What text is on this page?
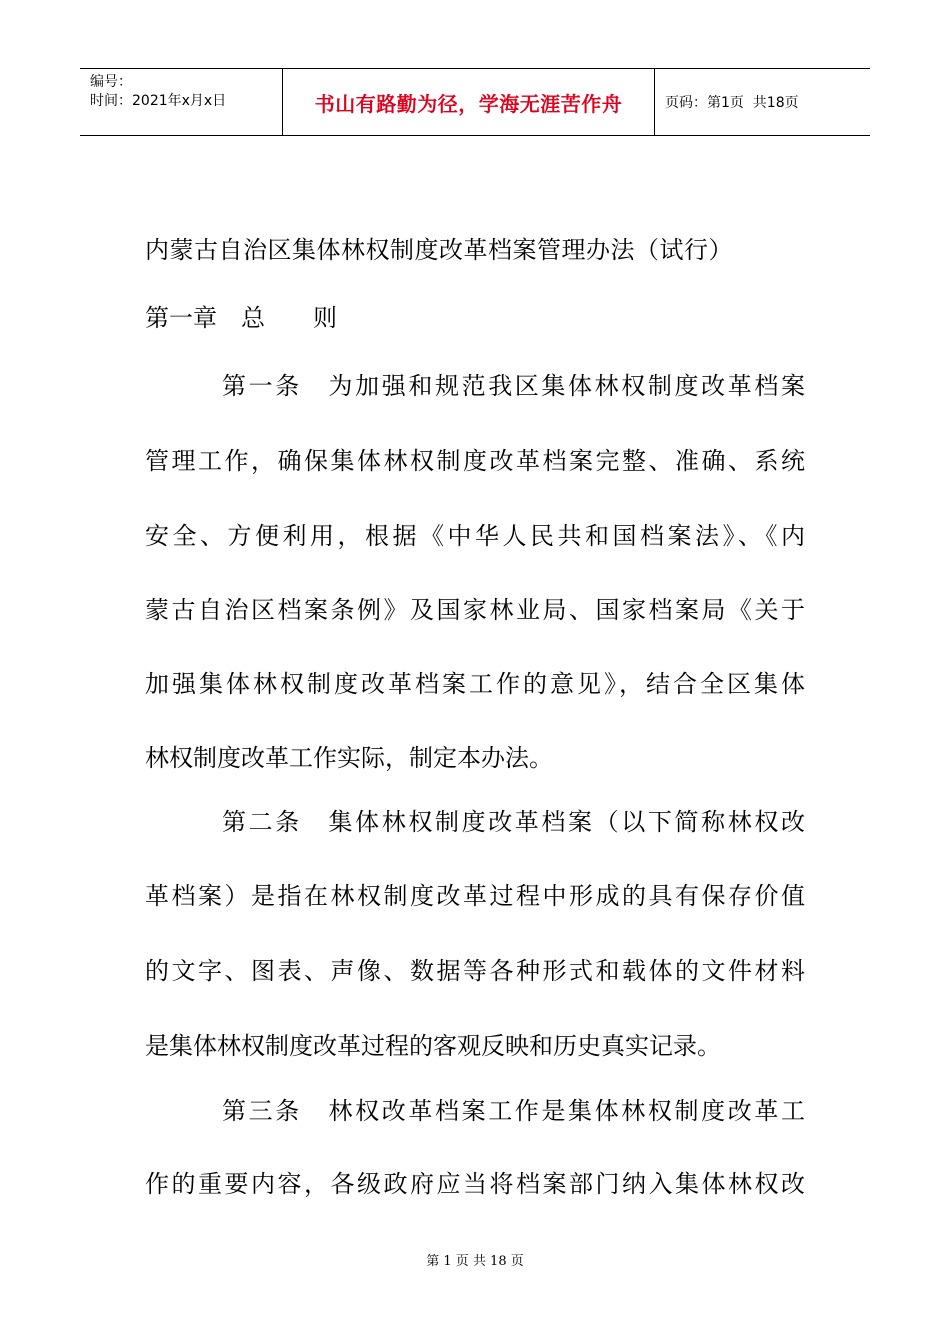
编号：
时间：2021年x月x日	书山有路勤为径，学海无涯苦作舟	页码：第1页  共18页
内蒙古自治区集体林权制度改革档案管理办法（试行）
第一章　总　　则
第一条　为加强和规范我区集体林权制度改革档案
管理工作，确保集体林权制度改革档案完整、准确、系统
安全、方便利用，根据《中华人民共和国档案法》、《内
蒙古自治区档案条例》及国家林业局、国家档案局《关于
加强集体林权制度改革档案工作的意见》，结合全区集体
林权制度改革工作实际，制定本办法。
第二条　集体林权制度改革档案（以下简称林权改
革档案）是指在林权制度改革过程中形成的具有保存价值
的文字、图表、声像、数据等各种形式和载体的文件材料
是集体林权制度改革过程的客观反映和历史真实记录。
第三条　林权改革档案工作是集体林权制度改革工
作的重要内容，各级政府应当将档案部门纳入集体林权改
第 1 页 共 18 页
